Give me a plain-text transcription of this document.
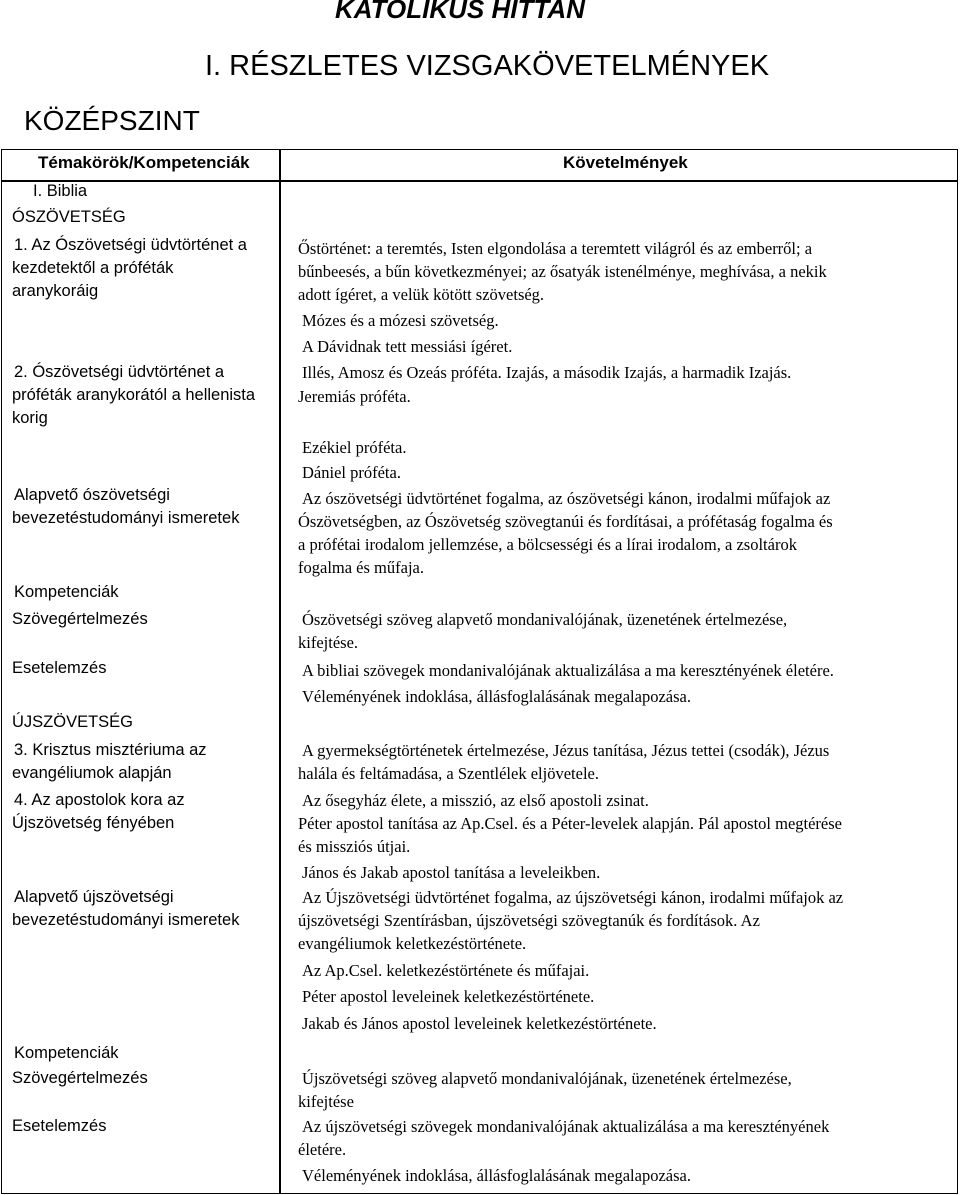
KATOLIKUS HITTAN
I. RÉSZLETES VIZSGAKÖVETELMÉNYEK
KÖZÉPSZINT
Témakörök/Kompetenciák	Követelmények
I. Biblia
ÓSZÖVETSÉG
1. Az Ószövetségi üdvtörténet a
kezdetektől a próféták
aranykoráig
2. Ószövetségi üdvtörténet a
próféták aranykorától a hellenista
korig
Alapvető ószövetségi
bevezetéstudományi ismeretek
Kompetenciák
Szövegértelmezés
Esetelemzés
ÚJSZÖVETSÉG
3. Krisztus misztériuma az
evangéliumok alapján
4. Az apostolok kora az
Újszövetség fényében
Alapvető újszövetségi
bevezetéstudományi ismeretek
Kompetenciák
Szövegértelmezés
Esetelemzés
Őstörténet: a teremtés, Isten elgondolása a teremtett világról és az emberről; a
bűnbeesés, a bűn következményei; az ősatyák istenélménye, meghívása, a nekik
adott ígéret, a velük kötött szövetség.
Mózes és a mózesi szövetség.
A Dávidnak tett messiási ígéret.
Illés, Amosz és Ozeás próféta. Izajás, a második Izajás, a harmadik Izajás.
Jeremiás próféta.
Ezékiel próféta.
Dániel próféta.
Az ószövetségi üdvtörténet fogalma, az ószövetségi kánon, irodalmi műfajok az
Ószövetségben, az Ószövetség szövegtanúi és fordításai, a prófétaság fogalma és
a prófétai irodalom jellemzése, a bölcsességi és a lírai irodalom, a zsoltárok
fogalma és műfaja.
Ószövetségi szöveg alapvető mondanivalójának, üzenetének értelmezése,
kifejtése.
A bibliai szövegek mondanivalójának aktualizálása a ma keresztényének életére.
Véleményének indoklása, állásfoglalásának megalapozása.
A gyermekségtörténetek értelmezése, Jézus tanítása, Jézus tettei (csodák), Jézus
halála és feltámadása, a Szentlélek eljövetele.
Az ősegyház élete, a misszió, az első apostoli zsinat.
Péter apostol tanítása az Ap.Csel. és a Péter-levelek alapján. Pál apostol megtérése
és missziós útjai.
János és Jakab apostol tanítása a leveleikben.
Az Újszövetségi üdvtörténet fogalma, az újszövetségi kánon, irodalmi műfajok az
újszövetségi Szentírásban, újszövetségi szövegtanúk és fordítások. Az
evangéliumok keletkezéstörténete.
Az Ap.Csel. keletkezéstörténete és műfajai.
Péter apostol leveleinek keletkezéstörténete.
Jakab és János apostol leveleinek keletkezéstörténete.
Újszövetségi szöveg alapvető mondanivalójának, üzenetének értelmezése,
kifejtése
Az újszövetségi szövegek mondanivalójának aktualizálása a ma keresztényének
életére.
Véleményének indoklása, állásfoglalásának megalapozása.
